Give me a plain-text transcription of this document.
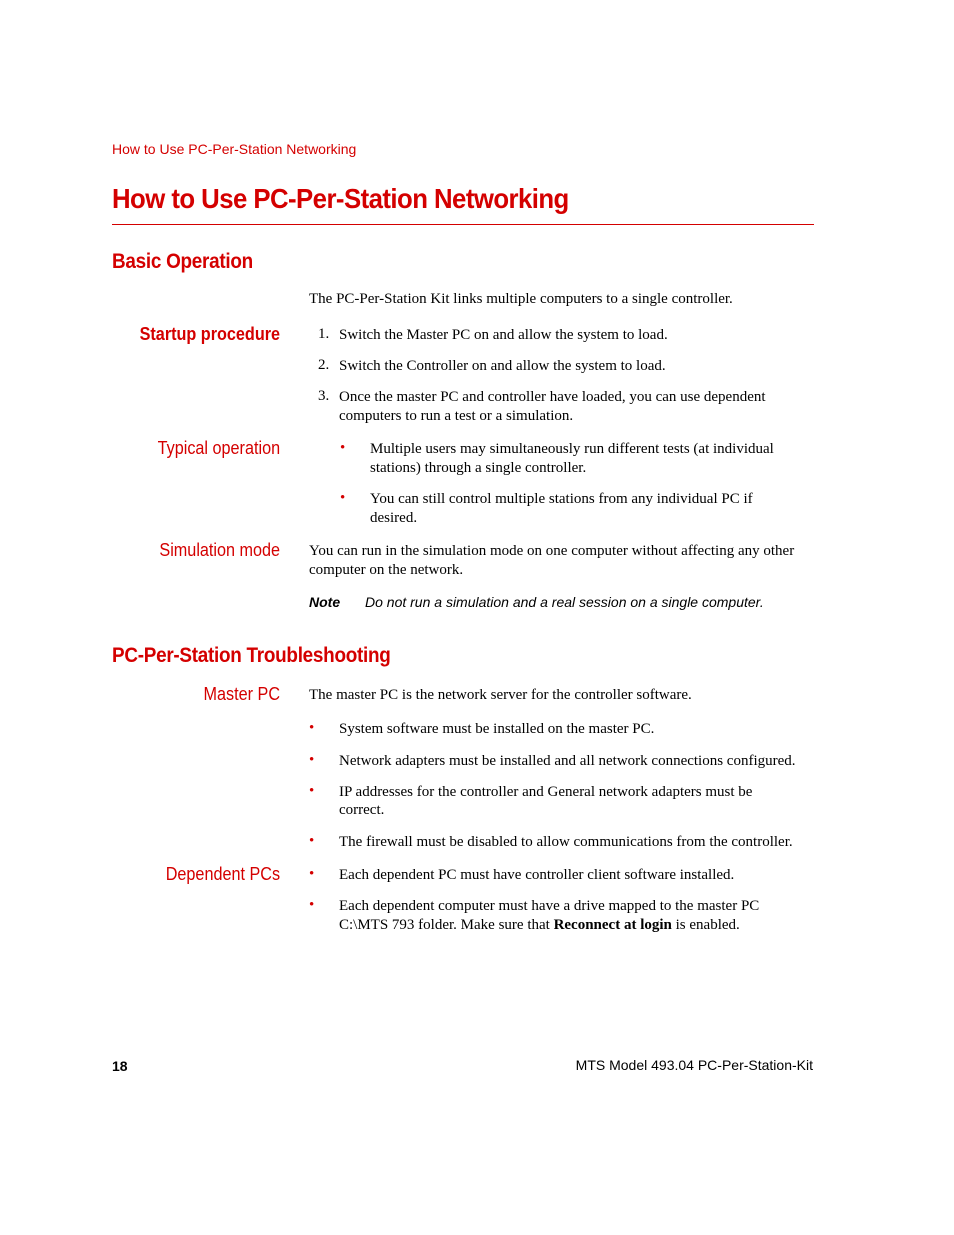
How to Use PC-Per-Station Networking
How to Use PC-Per-Station Networking
Basic Operation
The PC-Per-Station Kit links multiple computers to a single controller.
Startup procedure	1. Switch the Master PC on and allow the system to load.
2. Switch the Controller on and allow the system to load.
3. Once the master PC and controller have loaded, you can use dependent
computers to run a test or a simulation.
Typical operation	• Multiple users may simultaneously run different tests (at individual
stations) through a single controller.
• You can still control multiple stations from any individual PC if
desired.
Simulation mode You can run in the simulation mode on one computer without affecting any other
computer on the network.
Note Do not run a simulation and a real session on a single computer.
PC-Per-Station Troubleshooting
Master PC The master PC is the network server for the controller software.
• System software must be installed on the master PC.
• Network adapters must be installed and all network connections configured.
• IP addresses for the controller and General network adapters must be
correct.
• The firewall must be disabled to allow communications from the controller.
Dependent PCs • Each dependent PC must have controller client software installed.
• Each dependent computer must have a drive mapped to the master PC
C:\MTS 793 folder. Make sure that Reconnect at login is enabled.
18	MTS Model 493.04 PC-Per-Station-Kit
